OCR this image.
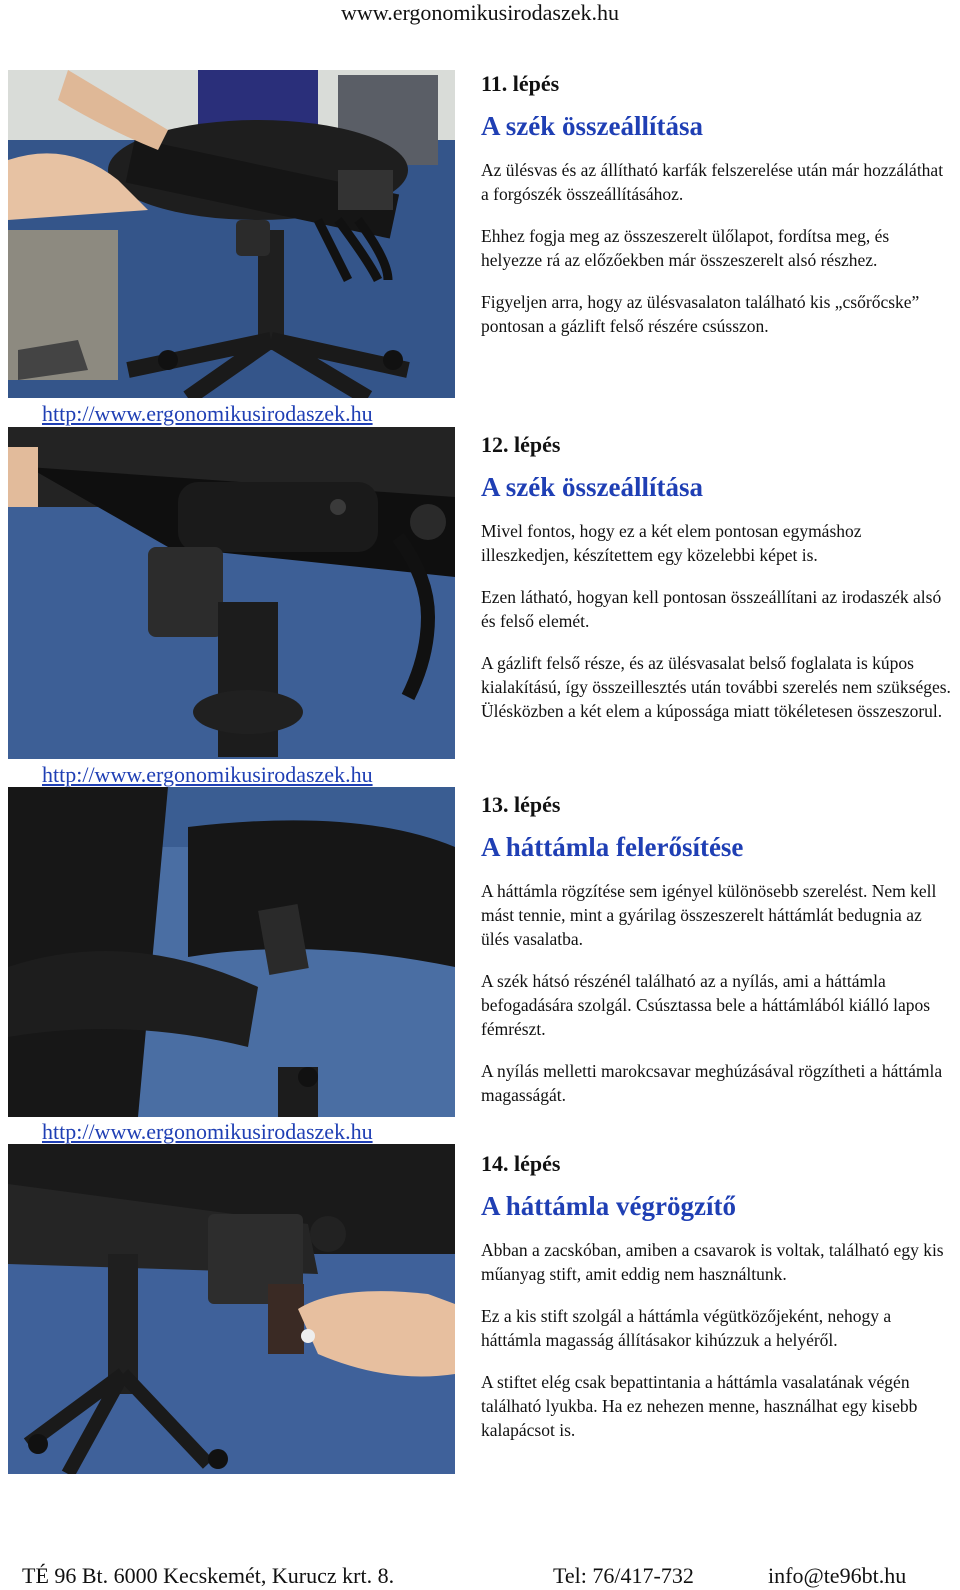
www.ergonomikusirodaszek.hu
http://www.ergonomikusirodaszek.hu
http://www.ergonomikusirodaszek.hu
http://www.ergonomikusirodaszek.hu
11. lépés
A szék összeállítása

Az ülésvas és az állítható karfák felszerelése után már hozzáláthat a forgószék összeállításához.

Ehhez fogja meg az összeszerelt ülőlapot, fordítsa meg, és helyezze rá az előzőekben már összeszerelt alsó részhez.

Figyeljen arra, hogy az ülésvasalaton található kis „csőrőcske” pontosan a gázlift felső részére csússzon.

12. lépés
A szék összeállítása

Mivel fontos, hogy ez a két elem pontosan egymáshoz illeszkedjen, készítettem egy közelebbi képet is.

Ezen látható, hogyan kell pontosan összeállítani az irodaszék alsó és felső elemét.

A gázlift felső része, és az ülésvasalat belső foglalata is kúpos kialakítású, így összeillesztés után további szerelés nem szükséges. Ülésközben a két elem a kúpossága miatt tökéletesen összeszorul.

13. lépés
A háttámla felerősítése

A háttámla rögzítése sem igényel különösebb szerelést. Nem kell mást tennie, mint a gyárilag összeszerelt háttámlát bedugnia az ülés vasalatba.

A szék hátsó részénél található az a nyílás, ami a háttámla befogadására szolgál. Csúsztassa bele a háttámlából kiálló lapos fémrészt.

A nyílás melletti marokcsavar meghúzásával rögzítheti a háttámla magasságát.

14. lépés
A háttámla végrögzítő

Abban a zacskóban, amiben a csavarok is voltak, található egy kis műanyag stift, amit eddig nem használtunk.

Ez a kis stift szolgál a háttámla végütközőjeként, nehogy a háttámla magasság állításakor kihúzzuk a helyéről.

A stiftet elég csak bepattintania a háttámla vasalatának végén található lyukba. Ha ez nehezen menne, használhat egy kisebb kalapácsot is.

TÉ 96 Bt. 6000 Kecskemét, Kurucz krt. 8.	Tel: 76/417-732	info@te96bt.hu
